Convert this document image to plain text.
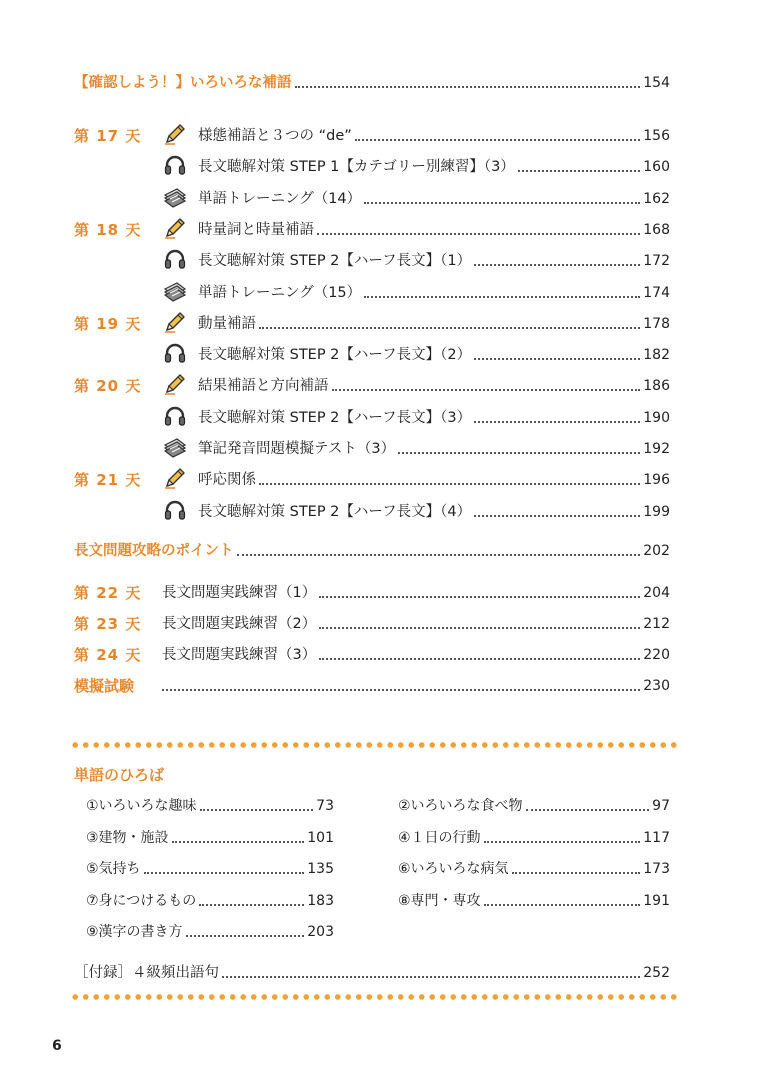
【確認しよう！】いろいろな補語	154
第 17 天	様態補語と３つの “de”	156
長文聴解対策 STEP 1【カテゴリー別練習】（3）	160
単語トレーニング（14）	162
第 18 天	時量詞と時量補語	168
長文聴解対策 STEP 2【ハーフ長文】（1）	172
単語トレーニング（15）	174
第 19 天	動量補語	178
長文聴解対策 STEP 2【ハーフ長文】（2）	182
第 20 天	結果補語と方向補語	186
長文聴解対策 STEP 2【ハーフ長文】（3）	190
筆記発音問題模擬テスト（3）	192
第 21 天	呼応関係	196
長文聴解対策 STEP 2【ハーフ長文】（4）	199
長文問題攻略のポイント	202
第 22 天	長文問題実践練習（1）	204
第 23 天	長文問題実践練習（2）	212
第 24 天	長文問題実践練習（3）	220
模擬試験	230
単語のひろば
①いろいろな趣味	73
③建物・施設	101
⑤気持ち	135
⑦身につけるもの	183
⑨漢字の書き方	203
②いろいろな食べ物	97
④１日の行動	117
⑥いろいろな病気	173
⑧専門・専攻	191
［付録］４級頻出語句	252
6
